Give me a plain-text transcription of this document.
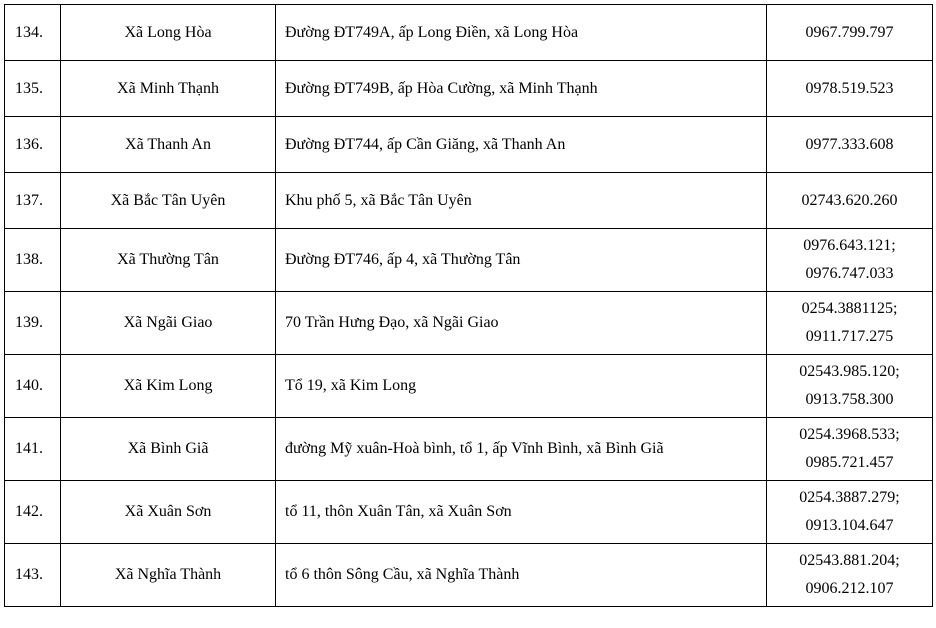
134.	Xã Long Hòa	Đường ĐT749A, ấp Long Điền, xã Long Hòa	0967.799.797

135.	Xã Minh Thạnh	Đường ĐT749B, ấp Hòa Cường, xã Minh Thạnh	0978.519.523

136.	Xã Thanh An	Đường ĐT744, ấp Cần Giăng, xã Thanh An	0977.333.608

137.	Xã Bắc Tân Uyên	Khu phố 5, xã Bắc Tân Uyên	02743.620.260

138.	Xã Thường Tân	Đường ĐT746, ấp 4, xã Thường Tân	0976.643.121;
0976.747.033

139.	Xã Ngãi Giao	70 Trần Hưng Đạo, xã Ngãi Giao	0254.3881125;
0911.717.275

140.	Xã Kim Long	Tổ 19, xã Kim Long	02543.985.120;
0913.758.300

141.	Xã Bình Giã	đường Mỹ xuân-Hoà bình, tổ 1, ấp Vĩnh Bình, xã Bình Giã	0254.3968.533;
0985.721.457

142.	Xã Xuân Sơn	tổ 11, thôn Xuân Tân, xã Xuân Sơn	0254.3887.279;
0913.104.647

143.	Xã Nghĩa Thành	tổ 6 thôn Sông Cầu, xã Nghĩa Thành	02543.881.204;
0906.212.107
